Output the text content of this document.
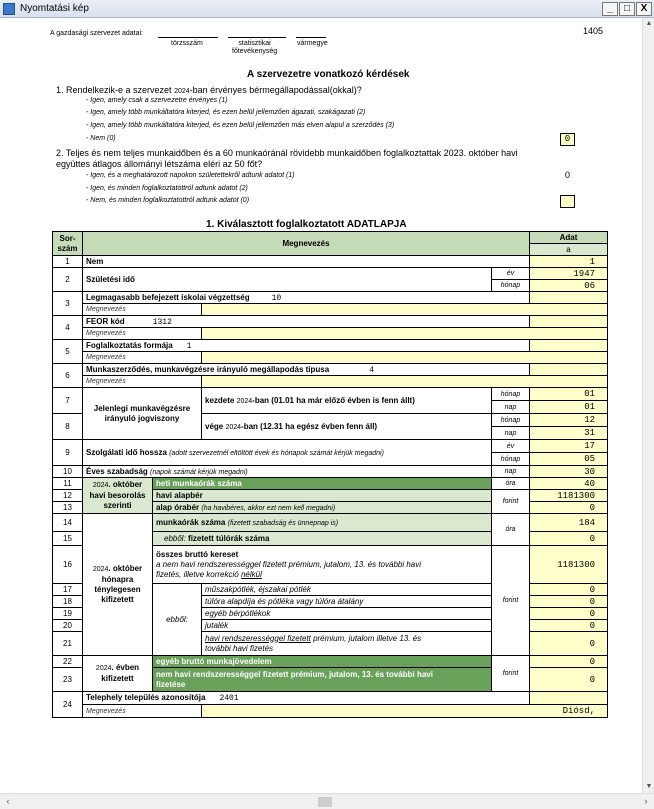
Nyomtatási kép	_	□	X
A gazdasági szervezet adatai:
törzsszám	statisztikai
főtevékenység
vármegye
1405
A szervezetre vonatkozó kérdések
1. Rendelkezik-e a szervezet 2024-ban érvényes bérmegállapodással(okkal)?
- Igen, amely csak a szervezetre érvényes (1)
- Igen, amely több munkáltatóra kiterjed, és ezen belül jellemzően ágazati, szakágazati (2)
- Igen, amely több munkáltatóra kiterjed, és ezen belül jellemzően más elven alapul a szerződés (3)
- Nem (0)	0
2. Teljes és nem teljes munkaidőben és a 60 munkaóránál rövidebb munkaidőben foglalkoztattak 2023. október havi
együttes átlagos állományi létszáma eléri az 50 főt?
- Igen, és a meghatározott napokon születettekről adtunk adatot (1)
- Igen, és minden foglalkoztatottról adtunk adatot (2)
- Nem, és minden foglalkoztatottról adtunk adatot (0)
0
1. Kiválasztott foglalkoztatott ADATLAPJA
Sor-
szám	Megnevezés				Adat
					a
1	Nem				1
2	Születési idő			év	1947
				hónap	06
3	Legmagasabb befejezett iskolai végzettség 10				
	Megnevezés				
4	FEOR kód 1312				
	Megnevezés				
5	Foglalkoztatás formája 1				
	Megnevezés				
6	Munkaszerződés, munkavégzésre irányuló megállapodás típusa 4				
	Megnevezés				
7	Jelenlegi munkavégzésre irányuló jogviszony		kezdete 2024-ban (01.01 ha már előző évben is fenn állt)	hónap	01
				nap	01
8			vége 2024-ban (12.31 ha egész évben fenn áll)	hónap	12
				nap	31
9	Szolgálati idő hossza (adott szervezetnél eltöltött évek és hónapok számát kérjük megadni)			év	17
				hónap	05
10	Éves szabadság (napok számát kérjük megadni)			nap	30
11	2024. október havi besorolás szerinti	heti munkaórák száma		óra	40
12		havi alapbér		forint	1181300
13		alap órabér (ha havibéres, akkor ezt nem kell megadni)			0
14	2024. október hónapra ténylegesen kifizetett	munkaórák száma (fizetett szabadság és ünnepnap is)		óra	184
15		ebből: fizetett túlórák száma			0
16		összes bruttó kereset
a nem havi rendszerességgel fizetett prémium, jutalom, 13. és további havi
fizetés, illetve korrekció nélkül		forint	1181300
17		ebből:	műszakpótlék, éjszakai pótlék		0
18			túlóra alapdíja és pótléka vagy túlóra átalány		0
19			egyéb bérpótlékok		0
20			jutalék		0
21			havi rendszerességgel fizetett prémium, jutalom illetve 13. és
további havi fizetés		0
22	2024. évben
kifizetett	egyéb bruttó munkajövedelem		forint	0
23		nem havi rendszerességgel fizetett prémium, jutalom, 13. és további havi
fizetése			0
24	Telephely település azonosítója 2401				
	Megnevezés		Diósd,		
▲
▼
‹	›
